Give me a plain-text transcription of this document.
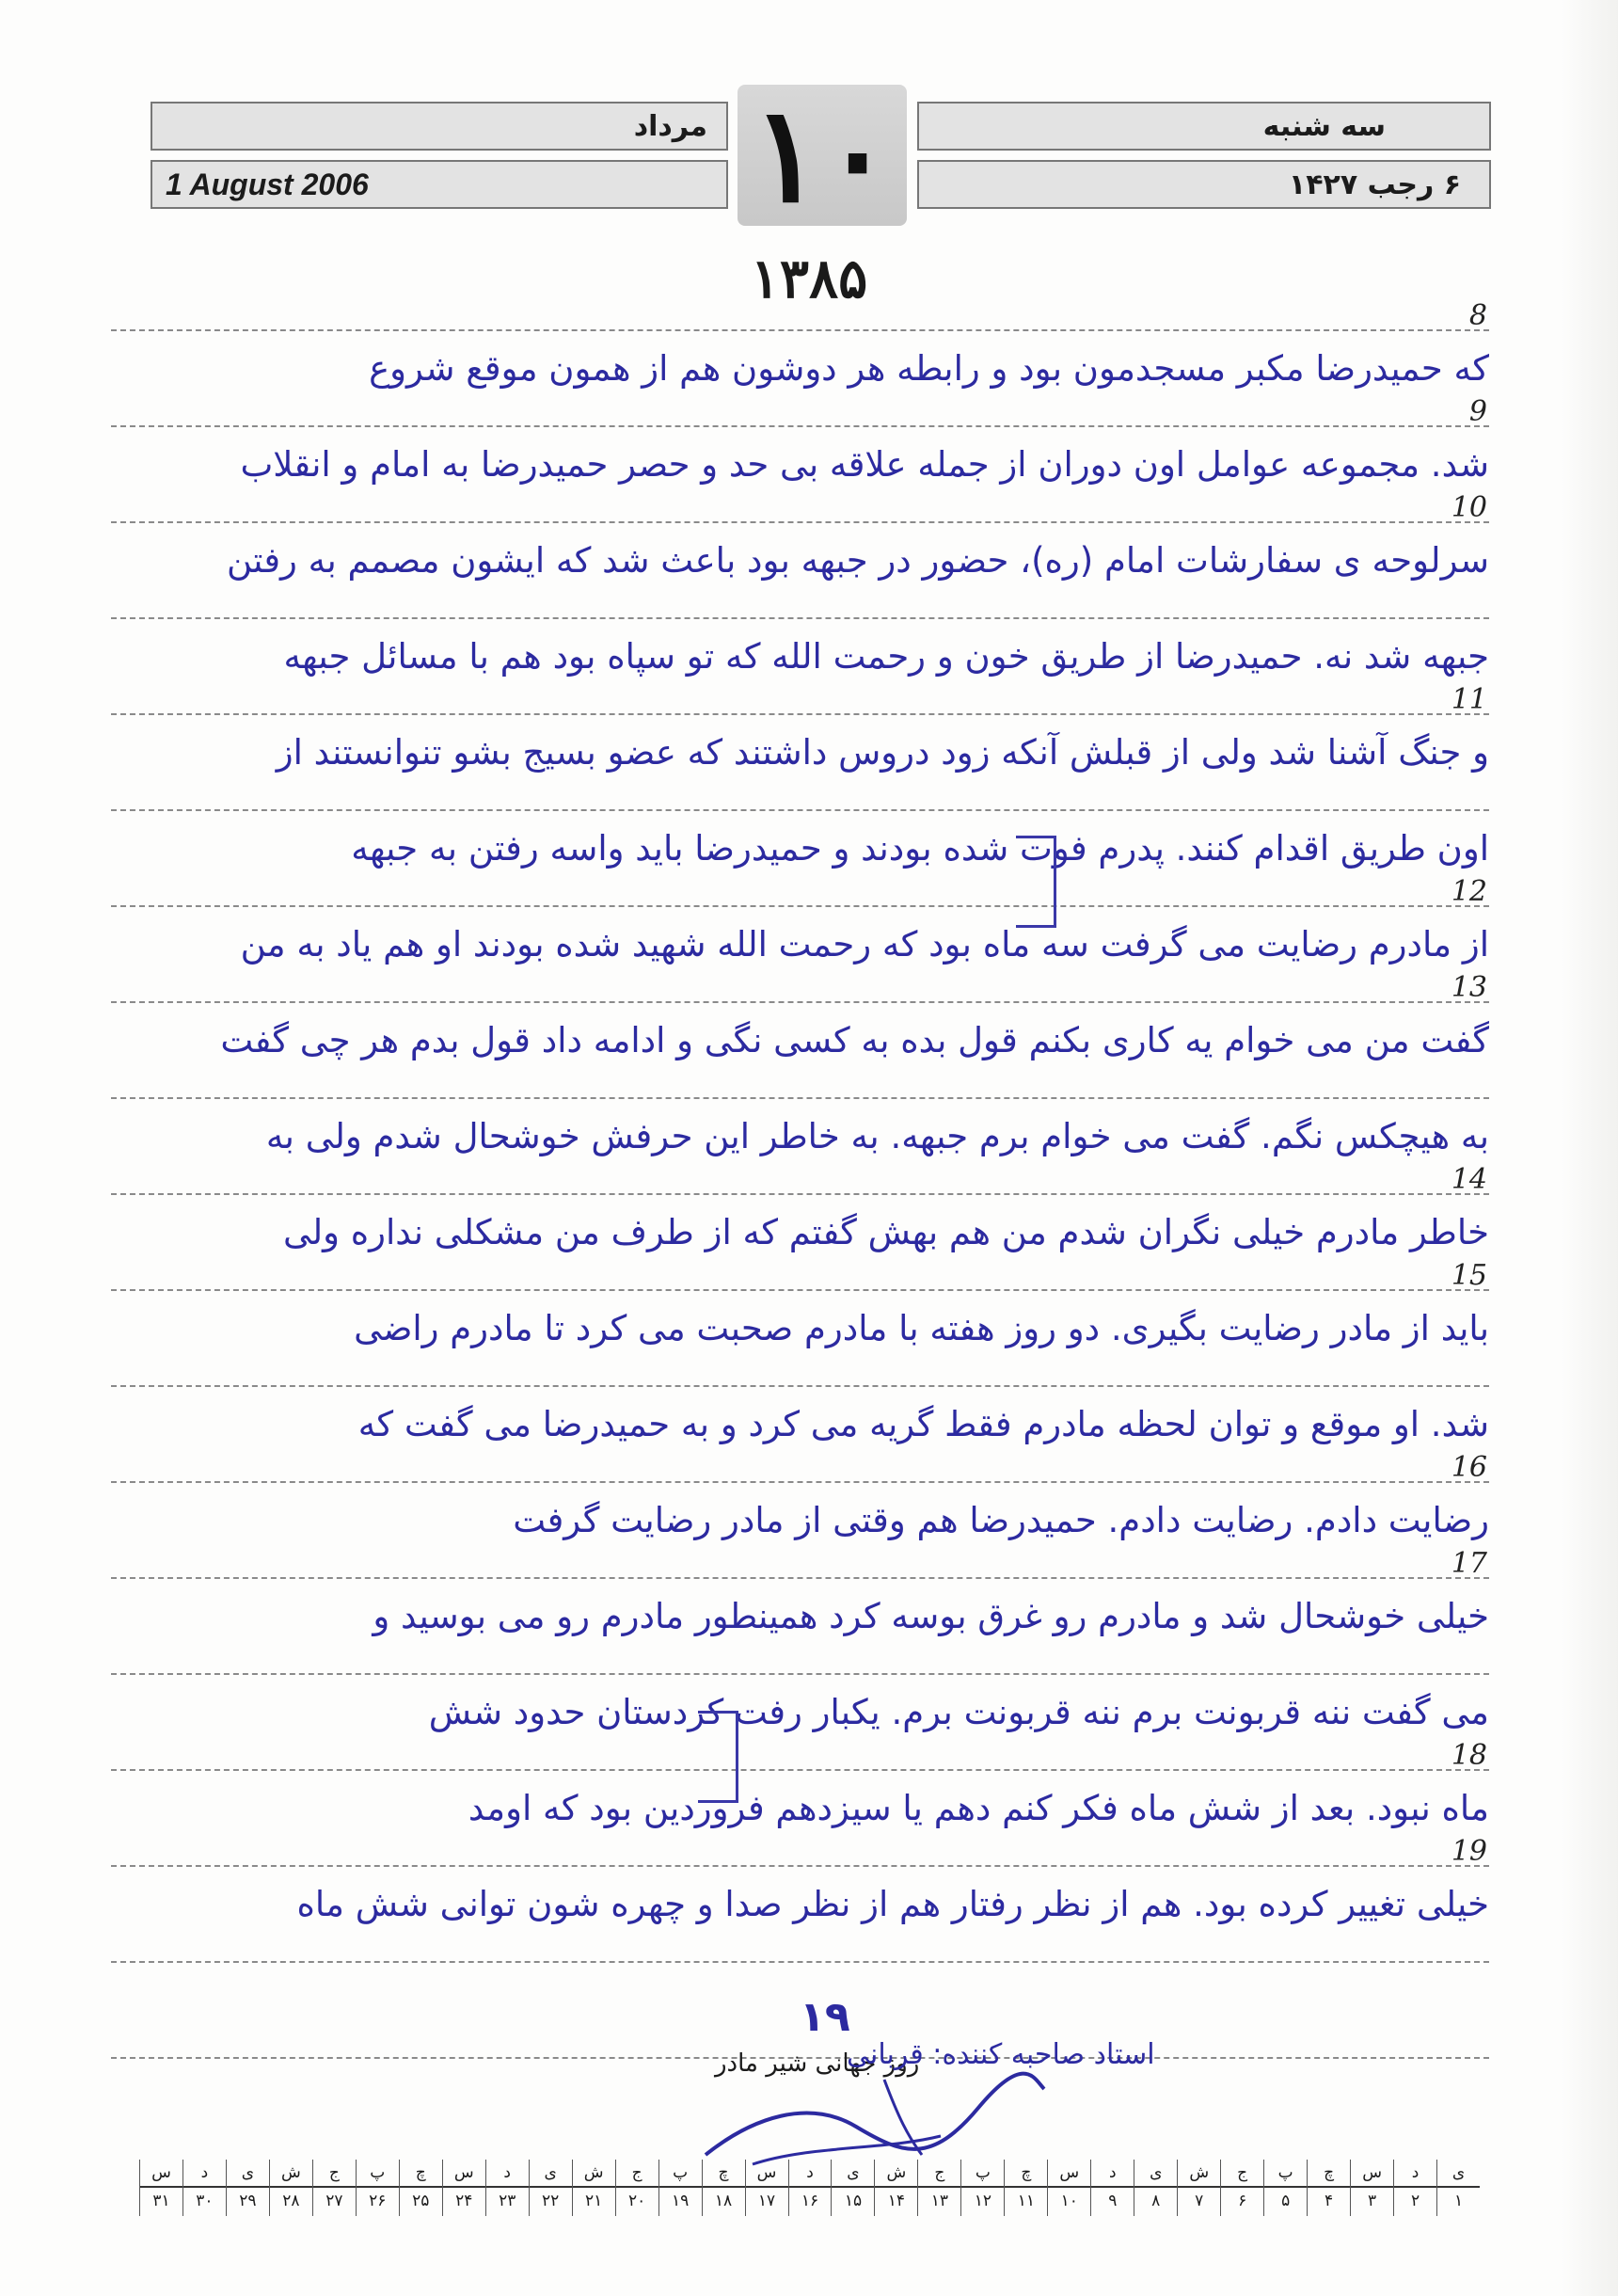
مرداد
1 August 2006	۱۰	سه شنبه
۶ رجب ۱۴۲۷
۱۳۸۵
که حمیدرضا مکبر مسجدمون بود و رابطه هر دوشون هم از همون موقع شروع
8
شد. مجموعه عوامل اون دوران از جمله علاقه بی حد و حصر حمیدرضا به امام و انقلاب
9
سرلوحه ی سفارشات امام (ره)، حضور در جبهه بود باعث شد که ایشون مصمم به رفتن
10
جبهه شد نه. حمیدرضا از طریق خون و رحمت الله که تو سپاه بود هم با مسائل جبهه
و جنگ آشنا شد ولی از قبلش آنکه زود دروس داشتند که عضو بسیج بشو تنوانستند از
11
اون طریق اقدام کنند. پدرم فوت شده بودند و حمیدرضا باید واسه رفتن به جبهه
از مادرم رضایت می گرفت سه ماه بود که رحمت الله شهید شده بودند او هم یاد به من
12
گفت من می خوام یه کاری بکنم قول بده به کسی نگی و ادامه داد قول بدم هر چی گفت
13
به هیچکس نگم. گفت می خوام برم جبهه. به خاطر این حرفش خوشحال شدم ولی به
خاطر مادرم خیلی نگران شدم من هم بهش گفتم که از طرف من مشکلی نداره ولی
14
باید از مادر رضایت بگیری. دو روز هفته با مادرم صحبت می کرد تا مادرم راضی
15
شد. او موقع و توان لحظه مادرم فقط گریه می کرد و به حمیدرضا می گفت که
رضایت دادم. رضایت دادم. حمیدرضا هم وقتی از مادر رضایت گرفت
16
خیلی خوشحال شد و مادرم رو غرق بوسه کرد همینطور مادرم رو می بوسید و
17
می گفت ننه قربونت برم ننه قربونت برم. یکبار رفت کردستان حدود شش
ماه نبود. بعد از شش ماه فکر کنم دهم یا سیزدهم فروردین بود که اومد
18
خیلی تغییر کرده بود. هم از نظر رفتار هم از نظر صدا و چهره شون توانی شش ماه
19
۱۹
روز جهانی شیر مادر
استاد صاحبه کننده: قربانی
ی
۱
د
۲
س
۳
چ
۴
پ
۵
ج
۶
ش
۷
ی
۸
د
۹
س
۱۰
چ
۱۱
پ
۱۲
ج
۱۳
ش
۱۴
ی
۱۵
د
۱۶
س
۱۷
چ
۱۸
پ
۱۹
ج
۲۰
ش
۲۱
ی
۲۲
د
۲۳
س
۲۴
چ
۲۵
پ
۲۶
ج
۲۷
ش
۲۸
ی
۲۹
د
۳۰
س
۳۱
